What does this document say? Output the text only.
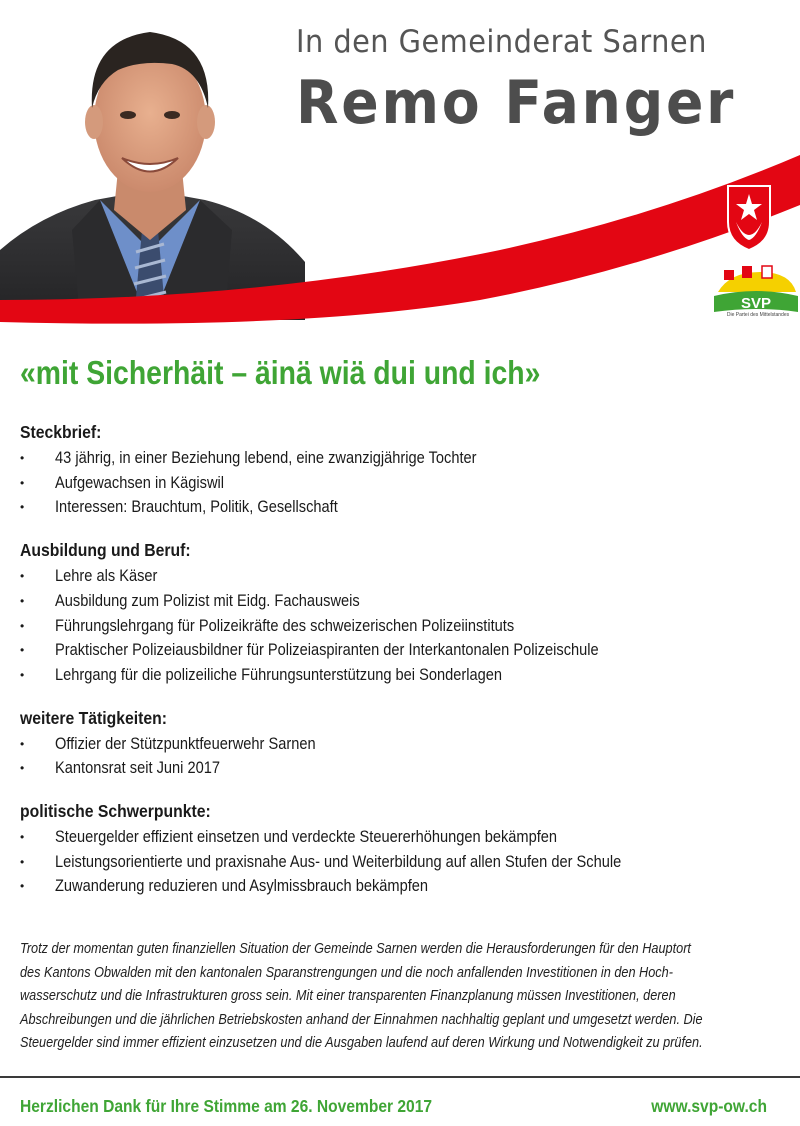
SVP
In den Gemeinderat Sarnen
Remo Fanger
Die Partei des Mittelstandes
«mit Sicherhäit – äinä wiä dui und ich»
Steckbrief:
• 43 jährig, in einer Beziehung lebend, eine zwanzigjährige Tochter
• Aufgewachsen in Kägiswil
• Interessen: Brauchtum, Politik, Gesellschaft
Ausbildung und Beruf:
• Lehre als Käser
• Ausbildung zum Polizist mit Eidg. Fachausweis
• Führungslehrgang für Polizeikräfte des schweizerischen Polizeiinstituts
• Praktischer Polizeiausbildner für Polizeiaspiranten der Interkantonalen Polizeischule
• Lehrgang für die polizeiliche Führungsunterstützung bei Sonderlagen
weitere Tätigkeiten:
• Offizier der Stützpunktfeuerwehr Sarnen
• Kantonsrat seit Juni 2017
politische Schwerpunkte:
• Steuergelder effizient einsetzen und verdeckte Steuererhöhungen bekämpfen
• Leistungsorientierte und praxisnahe Aus- und Weiterbildung auf allen Stufen der Schule
• Zuwanderung reduzieren und Asylmissbrauch bekämpfen
Trotz der momentan guten finanziellen Situation der Gemeinde Sarnen werden die Herausforderungen für den Hauptort
des Kantons Obwalden mit den kantonalen Sparanstrengungen und die noch anfallenden Investitionen in den Hoch-
wasserschutz und die Infrastrukturen gross sein. Mit einer transparenten Finanzplanung müssen Investitionen, deren
Abschreibungen und die jährlichen Betriebskosten anhand der Einnahmen nachhaltig geplant und umgesetzt werden. Die
Steuergelder sind immer effizient einzusetzen und die Ausgaben laufend auf deren Wirkung und Notwendigkeit zu prüfen.
Herzlichen Dank für Ihre Stimme am 26. November 2017	www.svp-ow.ch
